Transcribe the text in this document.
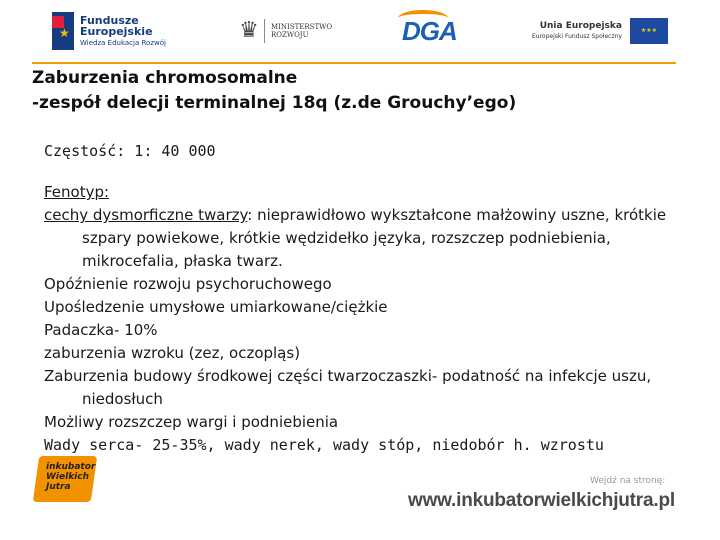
★
Fundusze
Europejskie
Wiedza Edukacja Rozwój	♛ MINISTERSTWO
ROZWOJU	DGA	Unia Europejska
Europejski Fundusz Społeczny
★★★
Zaburzenia chromosomalne
-zespół delecji terminalnej 18q (z.de Grouchy’ego)

Częstość: 1: 40 000

Fenotyp:

cechy dysmorficzne twarzy: nieprawidłowo wykształcone małżowiny uszne, krótkie szpary powiekowe, krótkie wędzidełko języka, rozszczep podniebienia, mikrocefalia, płaska twarz.

Opóźnienie rozwoju psychoruchowego

Upośledzenie umysłowe umiarkowane/ciężkie

Padaczka- 10%

zaburzenia wzroku (zez, oczopląs)

Zaburzenia budowy środkowej części twarzoczaszki- podatność na infekcje uszu, niedosłuch

Możliwy rozszczep wargi i podniebienia

Wady serca- 25-35%, wady nerek, wady stóp, niedobór h. wzrostu

inkubator
Wielkich
Jutra
Wejdź na stronę:
www.inkubatorwielkichjutra.pl
